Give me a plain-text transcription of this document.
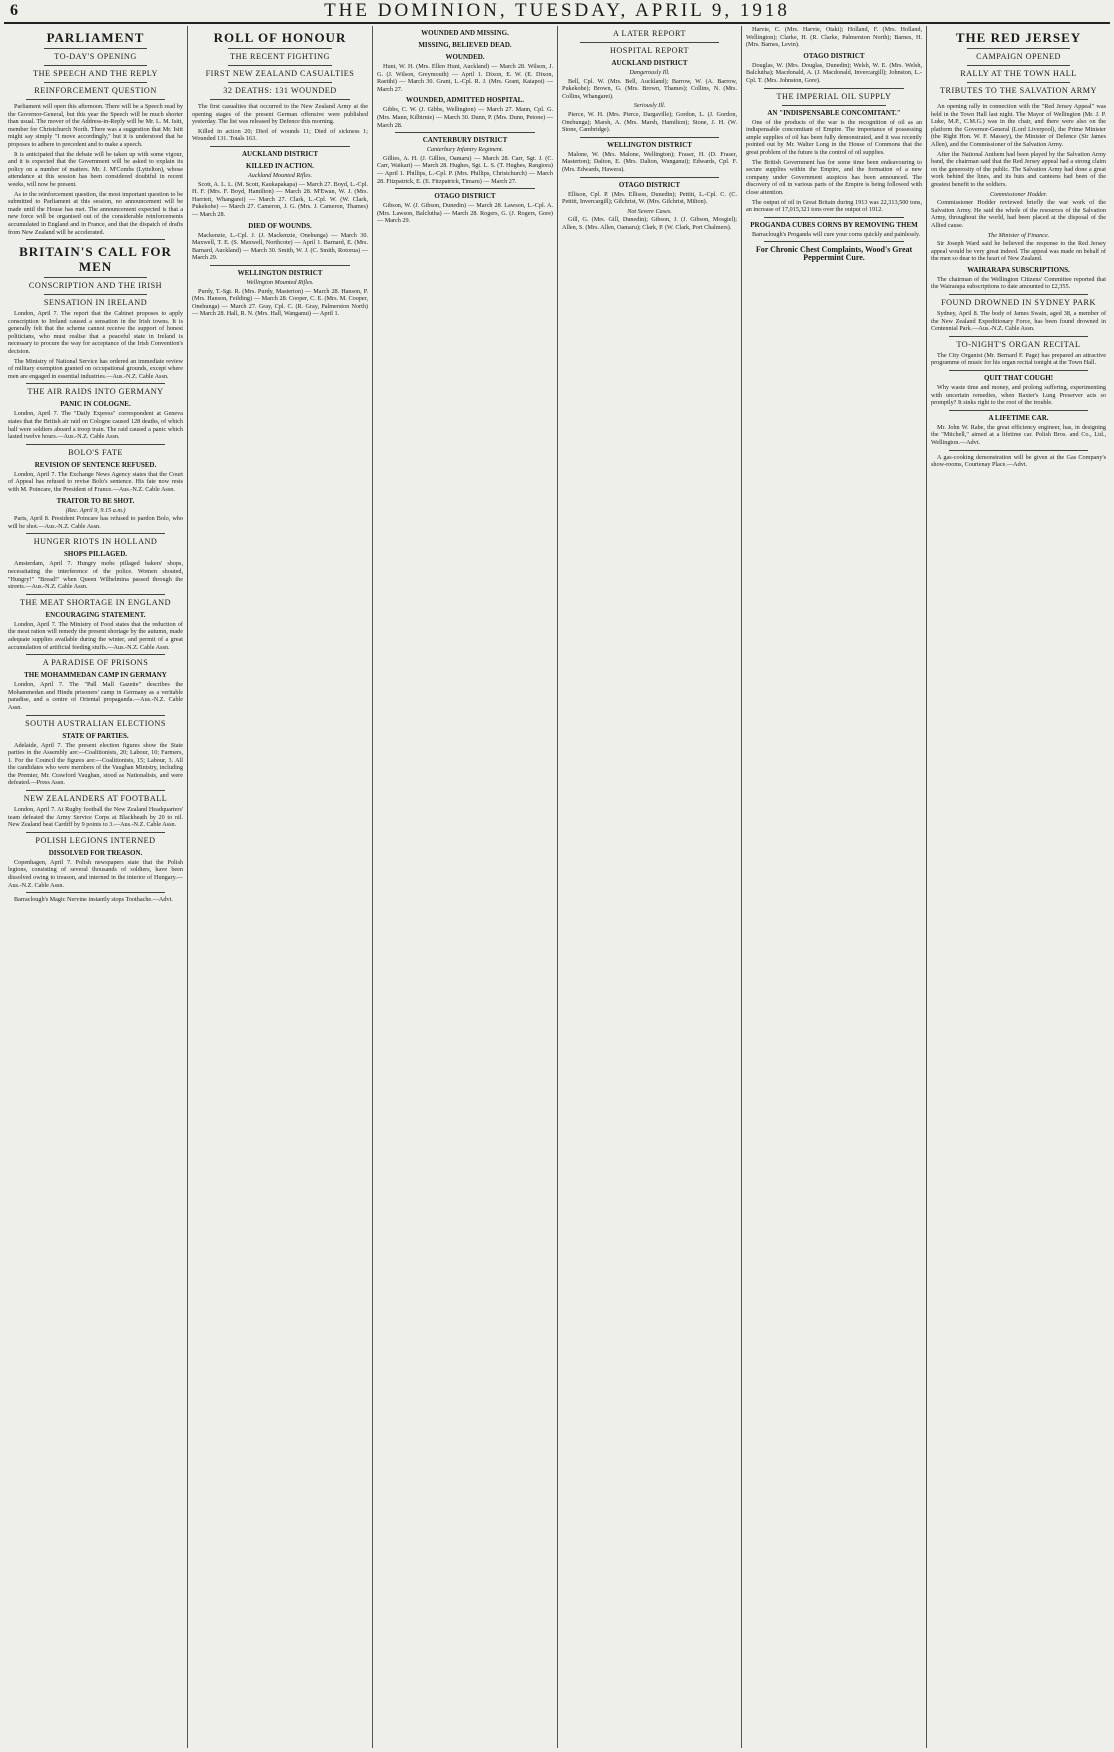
6	THE DOMINION, TUESDAY, APRIL 9, 1918
PARLIAMENT
TO-DAY'S OPENING
THE SPEECH AND THE REPLY
REINFORCEMENT QUESTION

Parliament will open this afternoon. There will be a Speech read by the Governor-General, but this year the Speech will be much shorter than usual. The mover of the Address-in-Reply will be Mr. L. M. Isitt, member for Christchurch North. There was a suggestion that Mr. Isitt might say simply "I move accordingly," but it is understood that he proposes to adhere to precedent and to make a speech.

It is anticipated that the debate will be taken up with some vigour, and it is expected that the Government will be asked to explain its policy on a number of matters. Mr. J. M'Combs (Lyttelton), whose attendance at this session has been considered doubtful in recent weeks, will now be present.

As to the reinforcement question, the most important question to be submitted to Parliament at this session, no announcement will be made until the House has met. The announcement expected is that a new force will be organised out of the considerable reinforcements accumulated in England and in France, and that the dispatch of drafts from New Zealand will be accelerated.

BRITAIN'S CALL FOR MEN
CONSCRIPTION AND THE IRISH
SENSATION IN IRELAND

London, April 7. The report that the Cabinet proposes to apply conscription to Ireland caused a sensation in the Irish towns. It is generally felt that the scheme cannot receive the support of honest politicians, who must realise that a peaceful state in Ireland is necessary to procure the way for acceptance of the Irish Convention's decision.

The Ministry of National Service has ordered an immediate review of military exemption granted on occupational grounds, except where men are engaged in essential industries.—Aus.-N.Z. Cable Assn.

THE AIR RAIDS INTO GERMANY
PANIC IN COLOGNE.

London, April 7. The "Daily Express" correspondent at Geneva states that the British air raid on Cologne caused 128 deaths, of which half were soldiers aboard a troop train. The raid caused a panic which lasted twelve hours.—Aus.-N.Z. Cable Assn.

BOLO'S FATE
REVISION OF SENTENCE REFUSED.

London, April 7. The Exchange News Agency states that the Court of Appeal has refused to revise Bolo's sentence. His fate now rests with M. Poincare, the President of France.—Aus.-N.Z. Cable Assn.

TRAITOR TO BE SHOT.
(Rec. April 9, 9.15 a.m.)

Paris, April 8. President Poincare has refused to pardon Bolo, who will be shot.—Aus.-N.Z. Cable Assn.

HUNGER RIOTS IN HOLLAND
SHOPS PILLAGED.

Amsterdam, April 7. Hungry mobs pillaged bakers' shops, necessitating the interference of the police. Women shouted, "Hungry!" "Bread!" when Queen Wilhelmina passed through the streets.—Aus.-N.Z. Cable Assn.

THE MEAT SHORTAGE IN ENGLAND
ENCOURAGING STATEMENT.

London, April 7. The Ministry of Food states that the reduction of the meat ration will remedy the present shortage by the autumn, made adequate supplies available during the winter, and permit of a great accumulation of artificial feeding stuffs.—Aus.-N.Z. Cable Assn.

A PARADISE OF PRISONS
THE MOHAMMEDAN CAMP IN GERMANY

London, April 7. The "Pall Mall Gazette" describes the Mohammedan and Hindu prisoners' camp in Germany as a veritable paradise, and a centre of Oriental propaganda.—Aus.-N.Z. Cable Assn.

SOUTH AUSTRALIAN ELECTIONS
STATE OF PARTIES.

Adelaide, April 7. The present election figures show the State parties in the Assembly are:—Coalitionists, 20; Labour, 10; Farmers, 1. For the Council the figures are:—Coalitionists, 15; Labour, 3. All the candidates who were members of the Vaughan Ministry, including the Premier, Mr. Crawford Vaughan, stood as Nationalists, and were defeated.—Press Assn.

NEW ZEALANDERS AT FOOTBALL

London, April 7. At Rugby football the New Zealand Headquarters' team defeated the Army Service Corps at Blackheath by 20 to nil. New Zealand beat Cardiff by 9 points to 3.—Aus.-N.Z. Cable Assn.

POLISH LEGIONS INTERNED
DISSOLVED FOR TREASON.

Copenhagen, April 7. Polish newspapers state that the Polish legions, consisting of several thousands of soldiers, have been dissolved owing to treason, and interned in the interior of Hungary.—Aus.-N.Z. Cable Assn.

Barraclough's Magic Nervine instantly stops Toothache.—Advt.

ROLL OF HONOUR
THE RECENT FIGHTING
FIRST NEW ZEALAND CASUALTIES
32 DEATHS: 131 WOUNDED

The first casualties that occurred to the New Zealand Army at the opening stages of the present German offensive were published yesterday. The list was released by Defence this morning.

Killed in action 20; Died of wounds 11; Died of sickness 1; Wounded 131. Totals 163.

AUCKLAND DISTRICT
KILLED IN ACTION.
Auckland Mounted Rifles.

Scott, A. L. L. (M. Scott, Kaukapakapa) — March 27. Boyd, L.-Cpl. H. F. (Mrs. F. Boyd, Hamilton) — March 28. M'Ewan, W. J. (Mrs. Harriett, Whangarei) — March 27. Clark, L.-Cpl. W. (W. Clark, Pukekohe) — March 27. Cameron, J. G. (Mrs. J. Cameron, Thames) — March 28.

DIED OF WOUNDS.

Mackenzie, L.-Cpl. J. (J. Mackenzie, Onehunga) — March 30. Maxwell, T. E. (S. Maxwell, Northcote) — April 1. Barnard, E. (Mrs. Barnard, Auckland) — March 30. Smith, W. J. (C. Smith, Rotorua) — March 29.

WELLINGTON DISTRICT
Wellington Mounted Rifles.

Purdy, T.-Sgt. R. (Mrs. Purdy, Masterton) — March 28. Hanson, P. (Mrs. Hanson, Feilding) — March 28. Cooper, C. E. (Mrs. M. Cooper, Onehunga) — March 27. Gray, Cpl. C. (R. Gray, Palmerston North) — March 28. Hall, R. N. (Mrs. Hall, Wanganui) — April 1.

WOUNDED AND MISSING.
MISSING, BELIEVED DEAD.
WOUNDED.

Hunt, W. H. (Mrs. Ellen Hunt, Auckland) — March 28. Wilson, J. G. (J. Wilson, Greymouth) — April 1. Dixon, E. W. (E. Dixon, Raetihi) — March 30. Grant, L.-Cpl. R. J. (Mrs. Grant, Kaiapoi) — March 27.

WOUNDED, ADMITTED HOSPITAL.

Gibbs, C. W. (J. Gibbs, Wellington) — March 27. Mann, Cpl. G. (Mrs. Mann, Kilbirnie) — March 30. Dunn, P. (Mrs. Dunn, Petone) — March 28.

CANTERBURY DISTRICT
Canterbury Infantry Regiment.

Gillies, A. H. (J. Gillies, Oamaru) — March 28. Carr, Sgt. J. (C. Carr, Waikari) — March 28. Hughes, Sgt. L. S. (T. Hughes, Rangiora) — April 1. Phillips, L.-Cpl. P. (Mrs. Phillips, Christchurch) — March 28. Fitzpatrick, E. (E. Fitzpatrick, Timaru) — March 27.

OTAGO DISTRICT

Gibson, W. (J. Gibson, Dunedin) — March 28. Lawson, L.-Cpl. A. (Mrs. Lawson, Balclutha) — March 28. Rogers, G. (J. Rogers, Gore) — March 29.

A LATER REPORT
HOSPITAL REPORT
AUCKLAND DISTRICT
Dangerously Ill.

Bell, Cpl. W. (Mrs. Bell, Auckland); Barrow, W. (A. Barrow, Pukekohe); Brown, G. (Mrs. Brown, Thames); Collins, N. (Mrs. Collins, Whangarei).

Seriously Ill.

Pierce, W. H. (Mrs. Pierce, Dargaville); Gordon, L. (J. Gordon, Onehunga); Marsh, A. (Mrs. Marsh, Hamilton); Stone, J. H. (W. Stone, Cambridge).

WELLINGTON DISTRICT

Malone, W. (Mrs. Malone, Wellington); Fraser, H. (D. Fraser, Masterton); Dalton, E. (Mrs. Dalton, Wanganui); Edwards, Cpl. F. (Mrs. Edwards, Hawera).

OTAGO DISTRICT

Ellison, Cpl. P. (Mrs. Ellison, Dunedin); Pettitt, L.-Cpl. C. (C. Pettitt, Invercargill); Gilchrist, W. (Mrs. Gilchrist, Milton).

Not Severe Cases.

Gill, G. (Mrs. Gill, Dunedin); Gibson, J. (J. Gibson, Mosgiel); Allen, S. (Mrs. Allen, Oamaru); Clark, P. (W. Clark, Port Chalmers).

Harvie, C. (Mrs. Harvie, Otaki); Holland, F. (Mrs. Holland, Wellington); Clarke, H. (R. Clarke, Palmerston North); Barnes, H. (Mrs. Barnes, Levin).

OTAGO DISTRICT

Douglas, W. (Mrs. Douglas, Dunedin); Welsh, W. E. (Mrs. Welsh, Balclutha); Macdonald, A. (J. Macdonald, Invercargill); Johnston, L.-Cpl. T. (Mrs. Johnston, Gore).

THE IMPERIAL OIL SUPPLY
AN "INDISPENSABLE CONCOMITANT."

One of the products of the war is the recognition of oil as an indispensable concomitant of Empire. The importance of possessing ample supplies of oil has been fully demonstrated, and it was recently pointed out by Mr. Walter Long in the House of Commons that the great problem of the future is the control of oil supplies.

The British Government has for some time been endeavouring to secure supplies within the Empire, and the formation of a new company under Government auspices has been announced. The discovery of oil in various parts of the Empire is being followed with close attention.

The output of oil in Great Britain during 1913 was 22,313,500 tons, an increase of 17,015,321 tons over the output of 1912.

PROGANDA CUBES CORNS BY REMOVING THEM

Barraclough's Proganda will cure your corns quickly and painlessly.

For Chronic Chest Complaints, Wood's Great Peppermint Cure.
THE RED JERSEY
CAMPAIGN OPENED
RALLY AT THE TOWN HALL
TRIBUTES TO THE SALVATION ARMY

An opening rally in connection with the "Red Jersey Appeal" was held in the Town Hall last night. The Mayor of Wellington (Mr. J. P. Luke, M.P., C.M.G.) was in the chair, and there were also on the platform the Governor-General (Lord Liverpool), the Prime Minister (the Right Hon. W. F. Massey), the Minister of Defence (Sir James Allen), and the Commissioner of the Salvation Army.

After the National Anthem had been played by the Salvation Army band, the chairman said that the Red Jersey appeal had a strong claim on the generosity of the public. The Salvation Army had done a great work behind the lines, and its huts and canteens had been of the greatest benefit to the soldiers.

Commissioner Hodder.

Commissioner Hodder reviewed briefly the war work of the Salvation Army. He said the whole of the resources of the Salvation Army, throughout the world, had been placed at the disposal of the Allied cause.

The Minister of Finance.

Sir Joseph Ward said he believed the response to the Red Jersey appeal would be very great indeed. The appeal was made on behalf of the men so dear to the heart of New Zealand.

WAIRARAPA SUBSCRIPTIONS.

The chairman of the Wellington Citizens' Committee reported that the Wairarapa subscriptions to date amounted to £2,355.

FOUND DROWNED IN SYDNEY PARK

Sydney, April 8. The body of James Swain, aged 38, a member of the New Zealand Expeditionary Force, has been found drowned in Centennial Park.—Aus.-N.Z. Cable Assn.

TO-NIGHT'S ORGAN RECITAL

The City Organist (Mr. Bernard F. Page) has prepared an attractive programme of music for his organ recital tonight at the Town Hall.

QUIT THAT COUGH!

Why waste time and money, and prolong suffering, experimenting with uncertain remedies, when Baxter's Lung Preserver acts so promptly? It sinks right to the root of the trouble.

A LIFETIME CAR.

Mr. John W. Rabe, the great efficiency engineer, has, in designing the "Mitchell," aimed at a lifetime car. Polish Bros. and Co., Ltd., Wellington.—Advt.

A gas-cooking demonstration will be given at the Gas Company's show-rooms, Courtenay Place.—Advt.
